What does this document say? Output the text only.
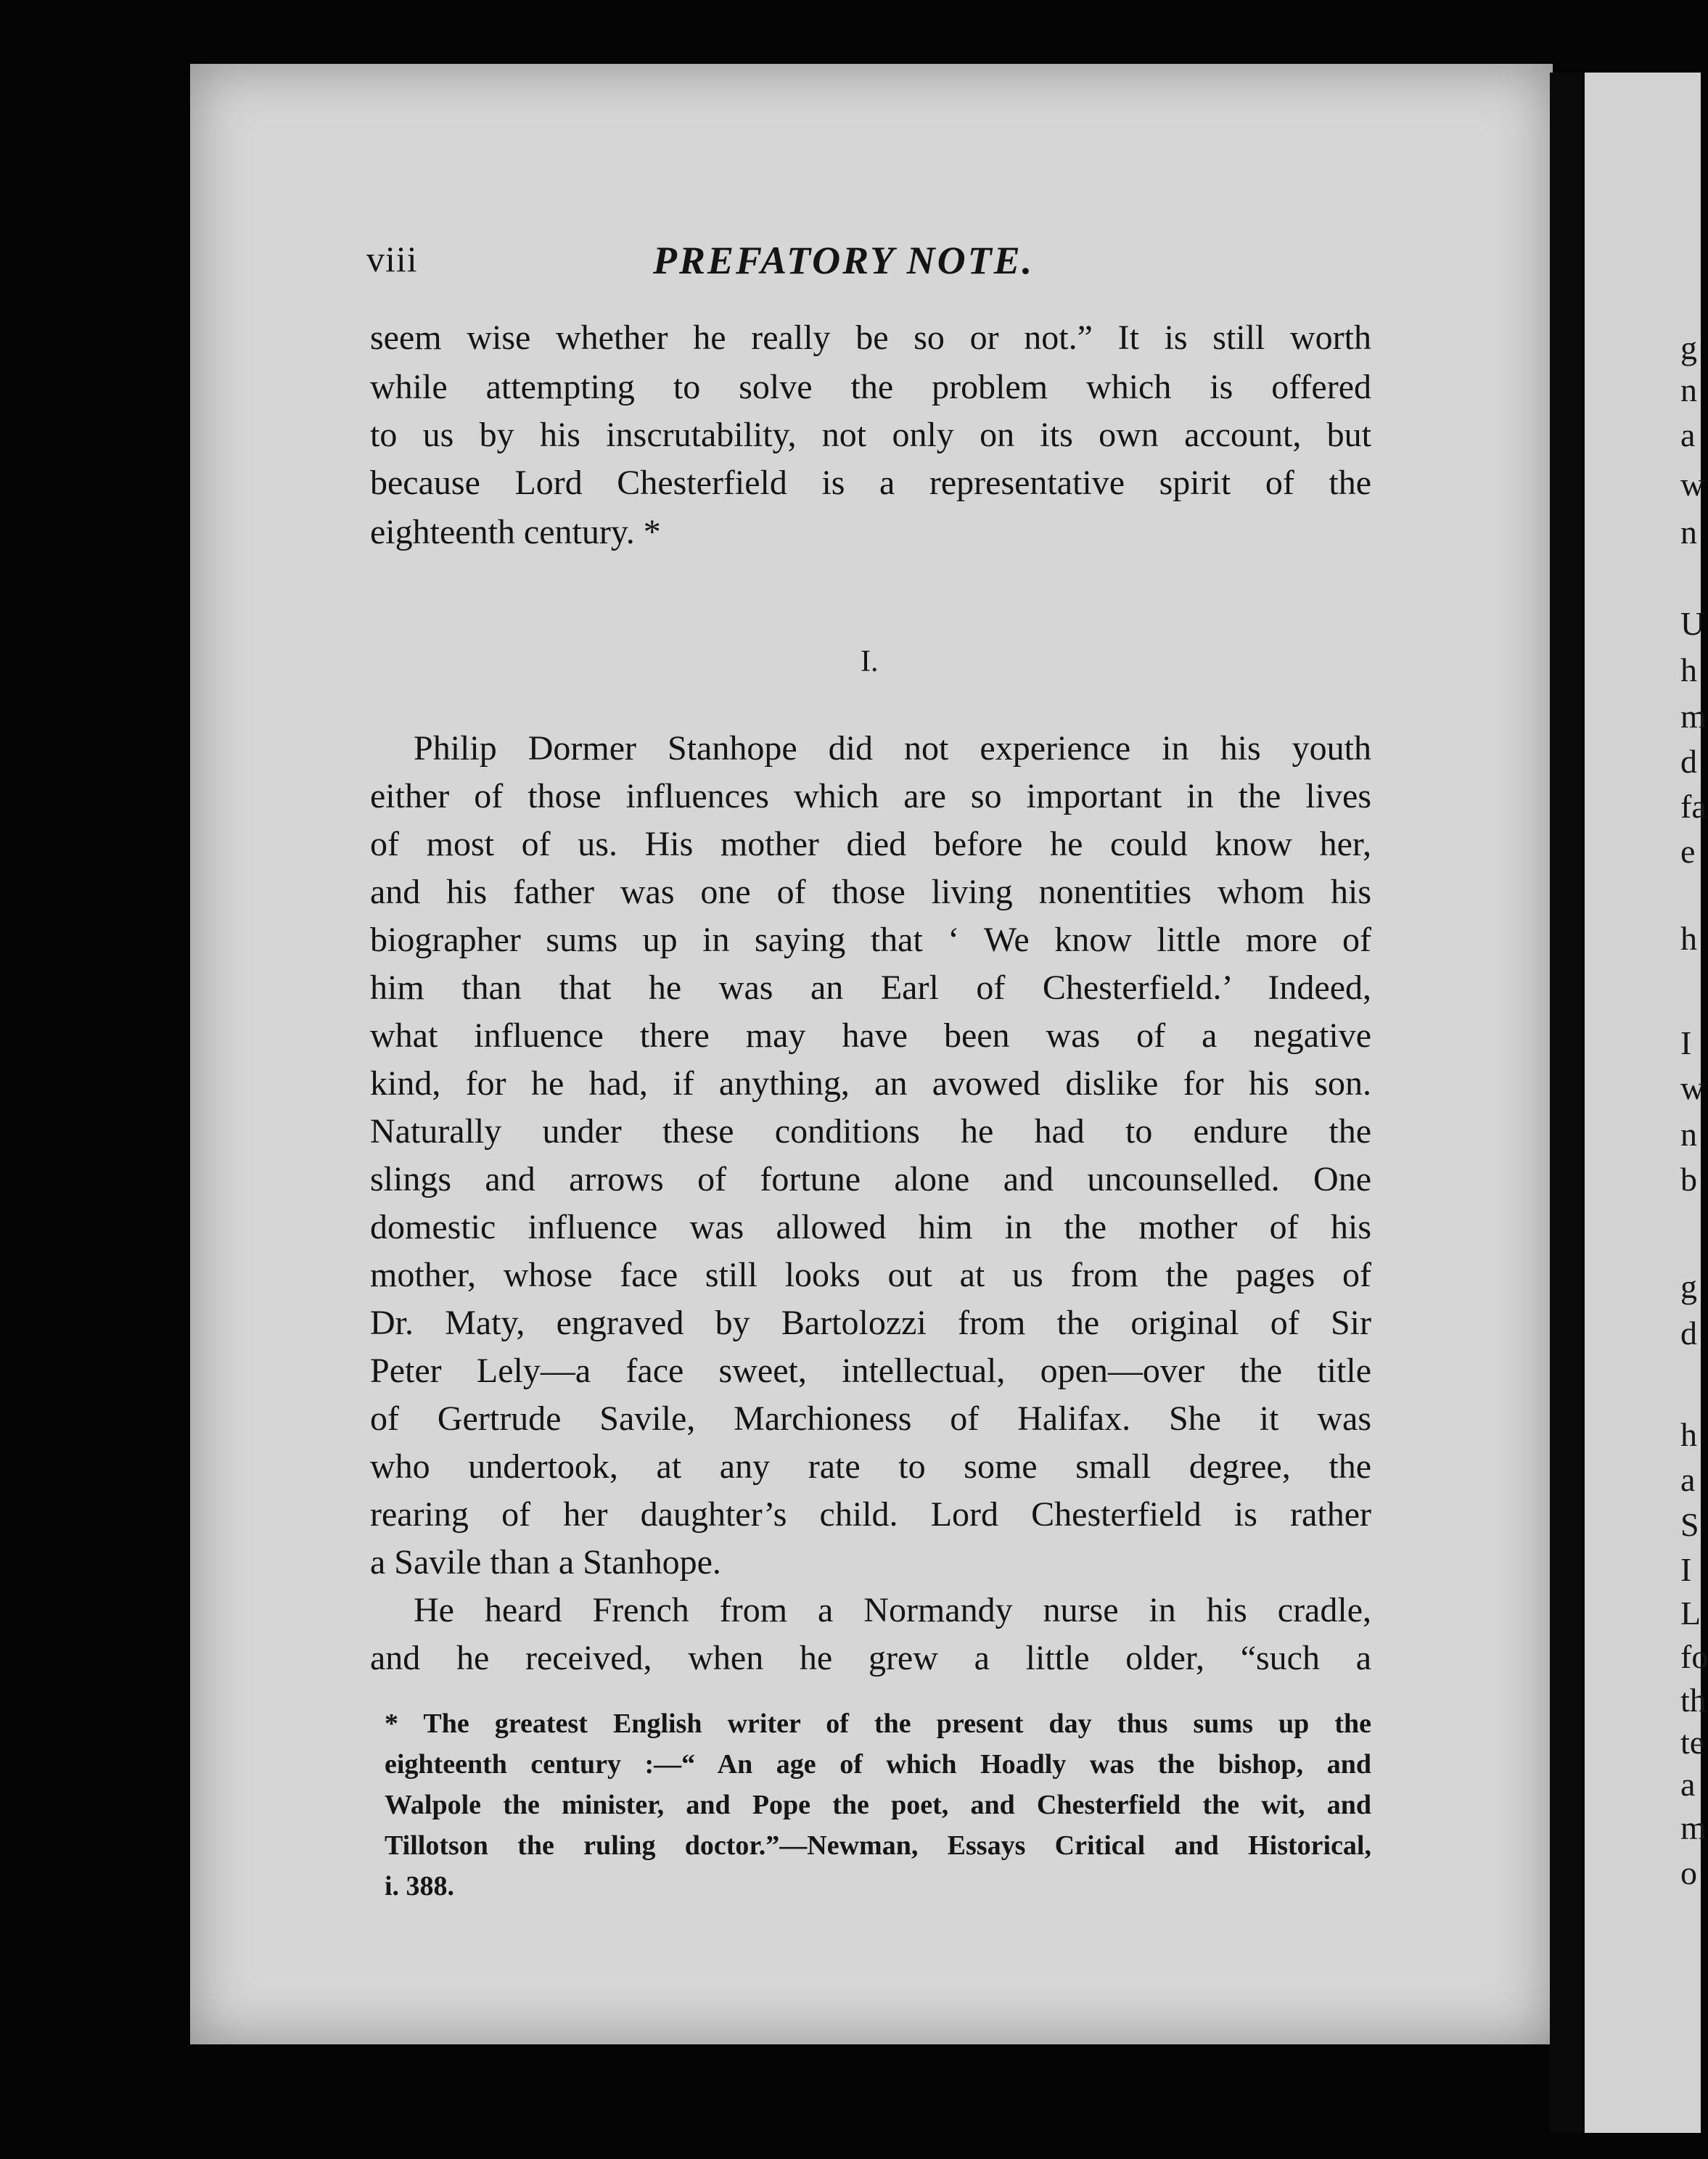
viii	PREFATORY NOTE.
seem wise whether he really be so or not.” It is still worth
while attempting to solve the problem which is offered
to us by his inscrutability, not only on its own account, but
because Lord Chesterfield is a representative spirit of the
eighteenth century. *
I.
Philip Dormer Stanhope did not experience in his youth
either of those influences which are so important in the lives
of most of us. His mother died before he could know her,
and his father was one of those living nonentities whom his
biographer sums up in saying that ‘ We know little more of
him than that he was an Earl of Chesterfield.’ Indeed,
what influence there may have been was of a negative
kind, for he had, if anything, an avowed dislike for his son.
Naturally under these conditions he had to endure the
slings and arrows of fortune alone and uncounselled. One
domestic influence was allowed him in the mother of his
mother, whose face still looks out at us from the pages of
Dr. Maty, engraved by Bartolozzi from the original of Sir
Peter Lely—a face sweet, intellectual, open—over the title
of Gertrude Savile, Marchioness of Halifax. She it was
who undertook, at any rate to some small degree, the
rearing of her daughter’s child. Lord Chesterfield is rather
a Savile than a Stanhope.
He heard French from a Normandy nurse in his cradle,
and he received, when he grew a little older, “such a
* The greatest English writer of the present day thus sums up the
eighteenth century :—“ An age of which Hoadly was the bishop, and
Walpole the minister, and Pope the poet, and Chesterfield the wit, and
Tillotson the ruling doctor.”—Newman, Essays Critical and Historical,
i. 388.
g
n
a
w
n
U
h
m
d
fa
e
h
I
w
n
b
g
d
h
a
S
I
L
fo
th
te
a
m
o
